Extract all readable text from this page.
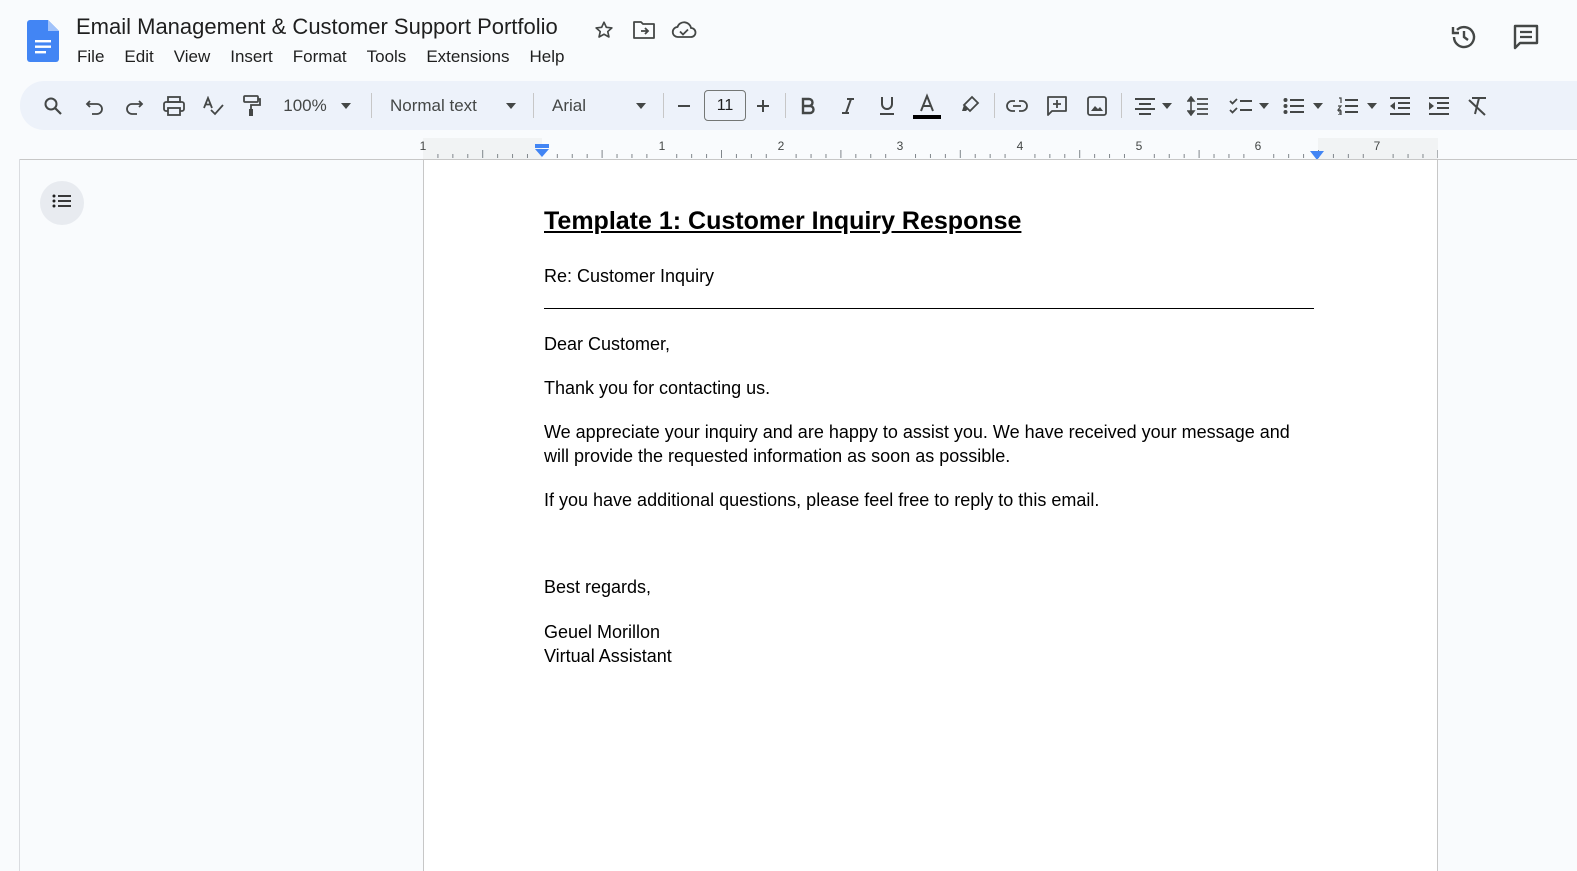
Email Management & Customer Support Portfolio
File	Edit	View	Insert	Format	Tools	Extensions	Help
100%	Normal text	Arial	11
1	1	2	3	4	5	6	7
Template 1: Customer Inquiry Response
Re: Customer Inquiry
Dear Customer,
Thank you for contacting us.
We appreciate your inquiry and are happy to assist you. We have received your message and
will provide the requested information as soon as possible.
If you have additional questions, please feel free to reply to this email.
Best regards,
Geuel Morillon
Virtual Assistant
